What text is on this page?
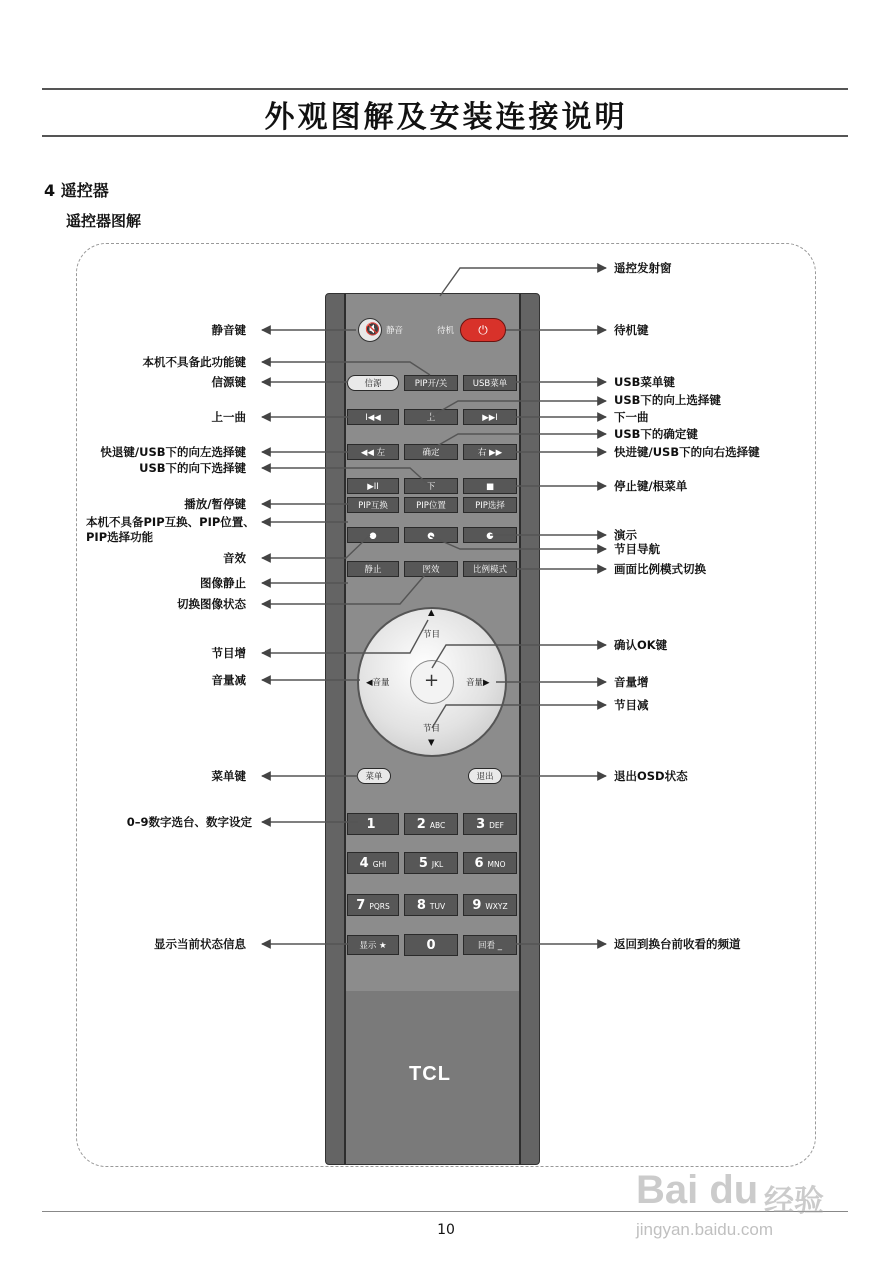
外观图解及安装连接说明
4 遥控器
遥控器图解
🔇 静音	待机	⏻
信源	PIP开/关	USB菜单
I◀◀	上	▶▶I
◀◀ 左	确定	右 ▶▶
▶II	下	■
PIP互换	PIP位置	PIP选择
●	●	●
静止	图效	比例模式
+
▲
节目
◀音量	音量▶
节目
▼
菜单	退出
1	2 ABC	3 DEF
4 GHI	5 JKL	6 MNO
7 PQRS	8 TUV	9 WXYZ
显示 ★	0	回看 _
TCL
静音键
本机不具备此功能键
信源键
上一曲
快退键/USB下的向左选择键
USB下的向下选择键
播放/暂停键
本机不具备PIP互换、PIP位置、
PIP选择功能
音效
图像静止
切换图像状态
节目增
音量减
菜单键
0–9数字选台、数字设定
显示当前状态信息
遥控发射窗
待机键
USB菜单键
USB下的向上选择键
下一曲
USB下的确定键
快进键/USB下的向右选择键
停止键/根菜单
演示
节目导航
画面比例模式切换
确认OK键
音量增
节目减
退出OSD状态
返回到换台前收看的频道
10
Bai du 经验
jingyan.baidu.com
